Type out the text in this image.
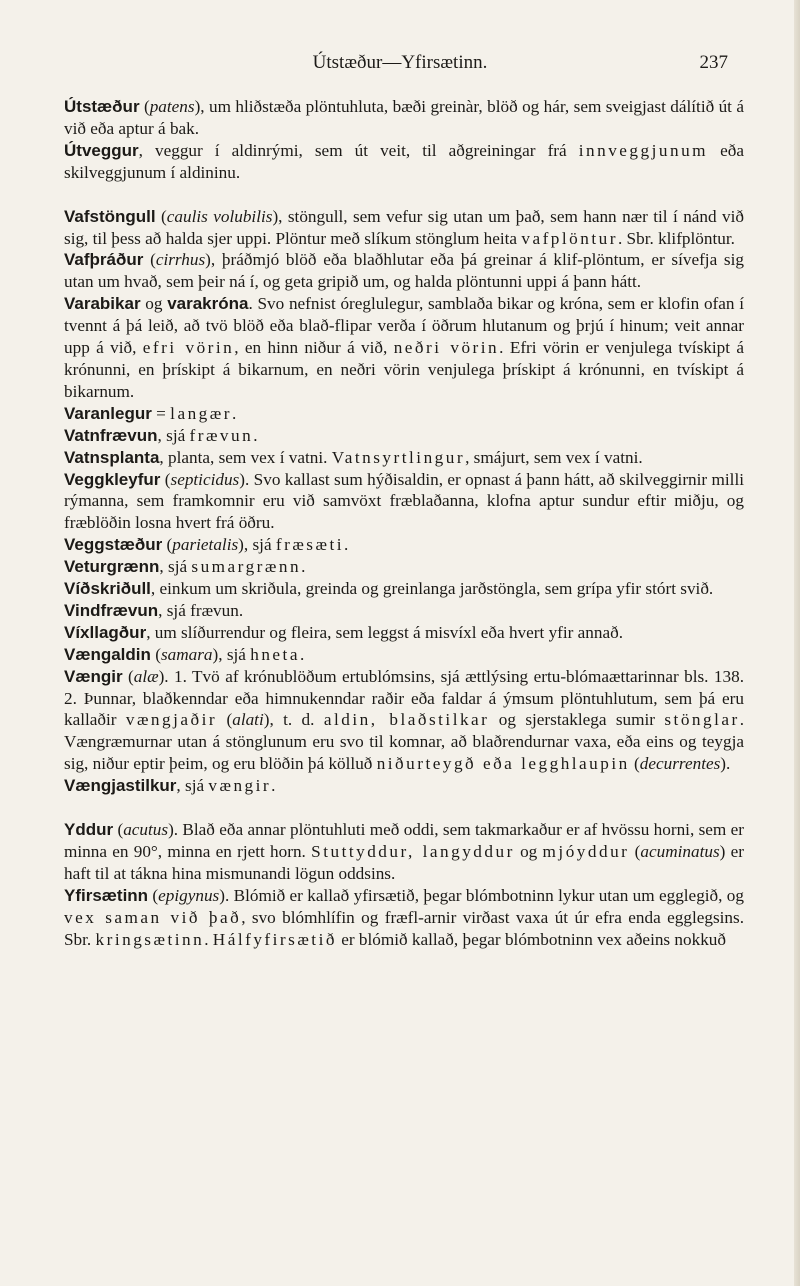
Útstæður—Yfirsætinn.	237

Útstæður (patens), um hliðstæða plöntuhluta, bæði greinàr, blöð og hár, sem sveigjast dálítið út á við eða aptur á bak.

Útveggur, veggur í aldinrými, sem út veit, til aðgreiningar frá innveggjunum eða skilveggjunum í aldininu.

Vafstöngull (caulis volubilis), stöngull, sem vefur sig utan um það, sem hann nær til í nánd við sig, til þess að halda sjer uppi. Plöntur með slíkum stönglum heita vafplöntur. Sbr. klifplöntur.

Vafþráður (cirrhus), þráðmjó blöð eða blaðhlutar eða þá greinar á klif-plöntum, er sívefja sig utan um hvað, sem þeir ná í, og geta gripið um, og halda plöntunni uppi á þann hátt.

Varabikar og varakróna. Svo nefnist óreglulegur, samblaða bikar og króna, sem er klofin ofan í tvennt á þá leið, að tvö blöð eða blað-flipar verða í öðrum hlutanum og þrjú í hinum; veit annar upp á við, efri vörin, en hinn niður á við, neðri vörin. Efri vörin er venjulega tvískipt á krónunni, en þrískipt á bikarnum, en neðri vörin venjulega þrískipt á krónunni, en tvískipt á bikarnum.

Varanlegur = langær.

Vatnfrævun, sjá frævun.

Vatnsplanta, planta, sem vex í vatni. Vatnsyrtlingur, smájurt, sem vex í vatni.

Veggkleyfur (septicidus). Svo kallast sum hýðisaldin, er opnast á þann hátt, að skilveggirnir milli rýmanna, sem framkomnir eru við samvöxt fræblaðanna, klofna aptur sundur eftir miðju, og fræblöðin losna hvert frá öðru.

Veggstæður (parietalis), sjá fræsæti.

Veturgrænn, sjá sumargrænn.

Víðskriðull, einkum um skriðula, greinda og greinlanga jarðstöngla, sem grípa yfir stórt svið.

Vindfrævun, sjá frævun.

Víxllagður, um slíðurrendur og fleira, sem leggst á misvíxl eða hvert yfir annað.

Vængaldin (samara), sjá hneta.

Vængir (alæ). 1. Tvö af krónublöðum ertublómsins, sjá ættlýsing ertu-blómaættarinnar bls. 138. 2. Þunnar, blaðkenndar eða himnukenndar raðir eða faldar á ýmsum plöntuhlutum, sem þá eru kallaðir vængjaðir (alati), t. d. aldin, blaðstilkar og sjerstaklega sumir stönglar. Vængræmurnar utan á stönglunum eru svo til komnar, að blaðrendurnar vaxa, eða eins og teygja sig, niður eptir þeim, og eru blöðin þá kölluð niðurteygð eða legghlaupin (decurrentes).

Vængjastilkur, sjá vængir.

Yddur (acutus). Blað eða annar plöntuhluti með oddi, sem takmarkaður er af hvössu horni, sem er minna en 90°, minna en rjett horn. Stuttyddur, langyddur og mjóyddur (acuminatus) er haft til at tákna hina mismunandi lögun oddsins.

Yfirsætinn (epigynus). Blómið er kallað yfirsætið, þegar blómbotninn lykur utan um egglegið, og vex saman við það, svo blómhlífin og fræfl-arnir virðast vaxa út úr efra enda egglegsins. Sbr. kringsætinn. Hálfyfirsætið er blómið kallað, þegar blómbotninn vex aðeins nokkuð
